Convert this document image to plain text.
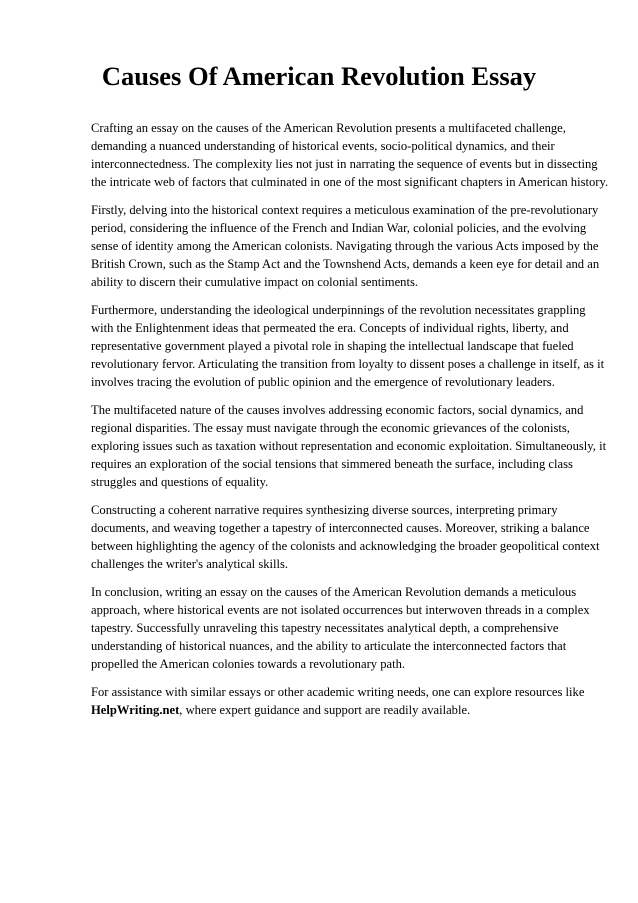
Causes Of American Revolution Essay

Crafting an essay on the causes of the American Revolution presents a multifaceted challenge, demanding a nuanced understanding of historical events, socio-political dynamics, and their interconnectedness. The complexity lies not just in narrating the sequence of events but in dissecting the intricate web of factors that culminated in one of the most significant chapters in American history.

Firstly, delving into the historical context requires a meticulous examination of the pre-revolutionary period, considering the influence of the French and Indian War, colonial policies, and the evolving sense of identity among the American colonists. Navigating through the various Acts imposed by the British Crown, such as the Stamp Act and the Townshend Acts, demands a keen eye for detail and an ability to discern their cumulative impact on colonial sentiments.

Furthermore, understanding the ideological underpinnings of the revolution necessitates grappling with the Enlightenment ideas that permeated the era. Concepts of individual rights, liberty, and representative government played a pivotal role in shaping the intellectual landscape that fueled revolutionary fervor. Articulating the transition from loyalty to dissent poses a challenge in itself, as it involves tracing the evolution of public opinion and the emergence of revolutionary leaders.

The multifaceted nature of the causes involves addressing economic factors, social dynamics, and regional disparities. The essay must navigate through the economic grievances of the colonists, exploring issues such as taxation without representation and economic exploitation. Simultaneously, it requires an exploration of the social tensions that simmered beneath the surface, including class struggles and questions of equality.

Constructing a coherent narrative requires synthesizing diverse sources, interpreting primary documents, and weaving together a tapestry of interconnected causes. Moreover, striking a balance between highlighting the agency of the colonists and acknowledging the broader geopolitical context challenges the writer's analytical skills.

In conclusion, writing an essay on the causes of the American Revolution demands a meticulous approach, where historical events are not isolated occurrences but interwoven threads in a complex tapestry. Successfully unraveling this tapestry necessitates analytical depth, a comprehensive understanding of historical nuances, and the ability to articulate the interconnected factors that propelled the American colonies towards a revolutionary path.

For assistance with similar essays or other academic writing needs, one can explore resources like HelpWriting.net, where expert guidance and support are readily available.
